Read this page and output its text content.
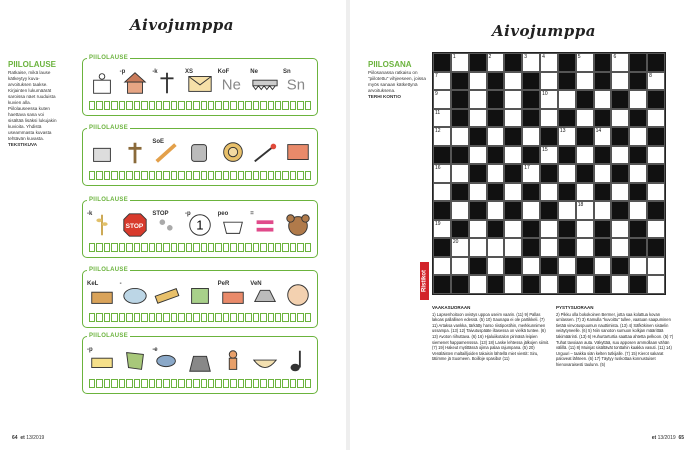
Aivojumppa
PIILOLAUSE
Ratkaise, mikä lause kätkeytyy kuva-arvoituksen taakse. Kirjainten lukumäärät saroissa näet ruuduista kuvien alla. Piilolauseessa kuten haettava sana voi sisältää lisäksi lukujakin kuvioita. Yhdistä useammasta kuvasta tehtävän kuvasta.
TEKSTIKUVA
PIILOLAUSE
-p	-k	XS
Ne
KoF	Ne
Sn
Sn
PIILOLAUSE
SoE
PIILOLAUSE
-k
STOP
STOP
1
-p	peo	=
PIILOLAUSE
KeL	-	PeR	VeN
PIILOLAUSE
-p	-e
64 et 13/2019
Aivojumppa
PIILOSANA
Piilosanassa ratkaisu on "piilotettu" vihjeeseen, joissa myös sanaan kätkettynä arvoituksena.
TERHI KONTIO
1	2	3	4	5	6
7	8
9	10
11
12	13	14
15
16	17
18
19
20
Ristikot
VAAKASUORAAN

1) Lapsenhoitoon ovistys uppoa useim vaarin. (11) 9) Pallas lakoas pallallisen edessä. (5) 10) Saunapa ei ole partikkeli. (7) 11) Artaksa vankka, tärkätty harso riistipostihin, merkkunnimen ussampa. (13) 12) Taivutuspääte iltasessa on vielkä tuntee. (6) 13) Avoton riihuttava. (6) 16) Hjaluiikotalon pirinäsä leipien siemenet happamensssa. (13) 18) Laske lehtessa jälkojen siimit. (7) 19) Hakeut mytittässä ojima palaa rajumpana. (5) 20) Venäläisten maltailljoiden takaisin lähtellä miet viestit: Siru, tätimme jä Suomeen. Boilloje spasibo! (11)

PYSTYSUORAAN

2) Pikku olla bokokoinen Bermer, jotta saa kolattua kovan umlassen. (7) 3) Kamulla "kuvoittu" tullee, vaatuan saapuminen tietää vinvotuspuumun nauttimista. (13) 4) Säfkökinen sisäelin veiäytyneelle. (6) 5) Niin sanoton sumuon kolkjan määrittää takimäärinti. (13) 6) Huhurtarturtia saattaa ahtetta pelkoon. (5) 7) Tuhat tavoiaan auta. Väkyttää, suu apposen ammollaan vähän välillä. (11) 8) Muinjat sisältävät tonttahin kaakka vasuti. (11) 14) Urguuri – taakka siän kelten tutkijalle. (7) 15) Kierot sakarat paloveat lähteen. (6) 17) Täytyy ruskottaa konnustuiset hienovaraisesti taulunn. (5)

et 13/2019 65
